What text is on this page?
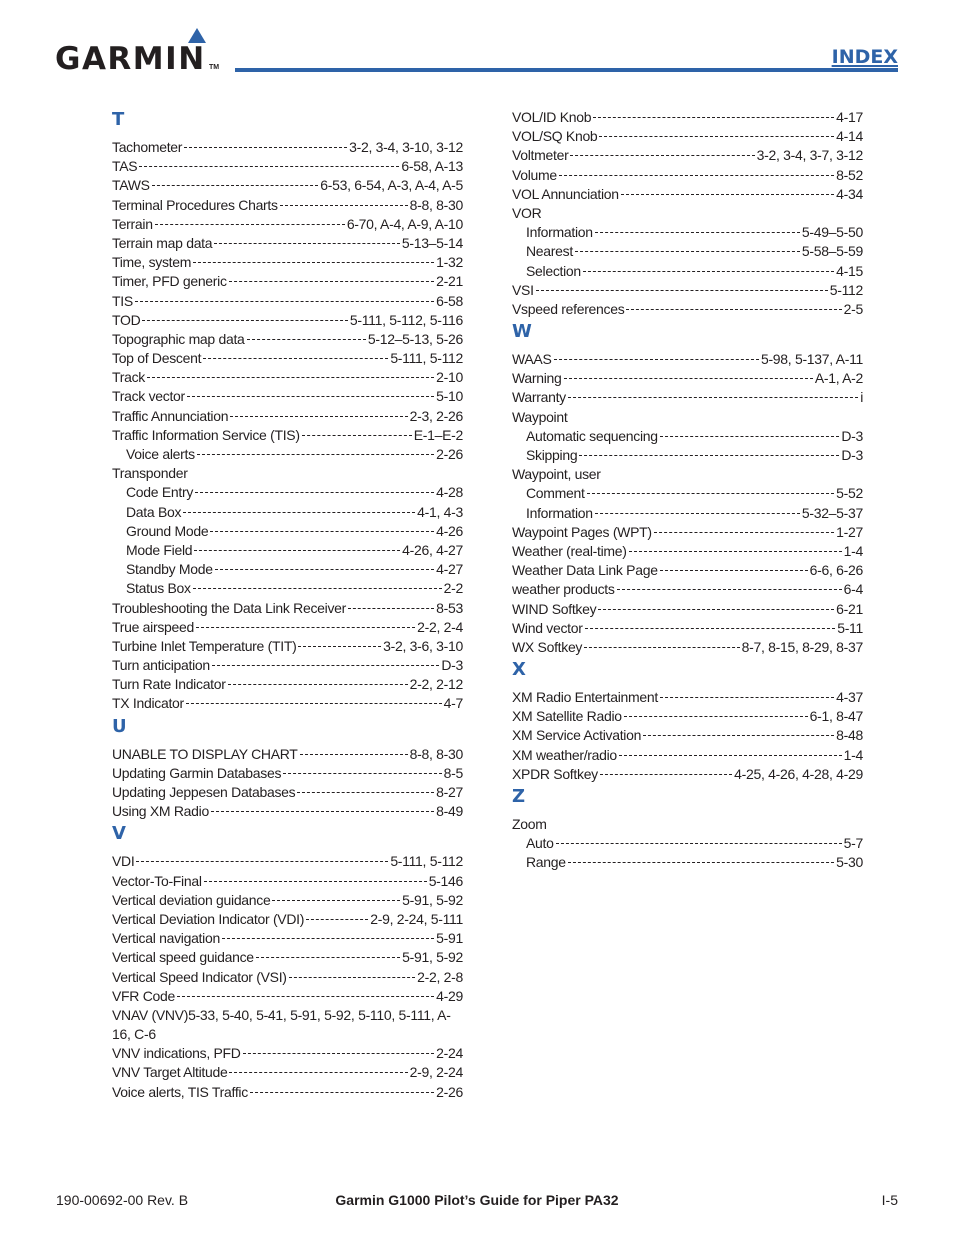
GARMIN TM	INDEX
T
Tachometer	3-2, 3-4, 3-10, 3-12
TAS	6-58, A-13
TAWS	6-53, 6-54, A-3, A-4, A-5
Terminal Procedures Charts	8-8, 8-30
Terrain	6-70, A-4, A-9, A-10
Terrain map data	5-13–5-14
Time, system	1-32
Timer, PFD generic	2-21
TIS	6-58
TOD	5-111, 5-112, 5-116
Topographic map data	5-12–5-13, 5-26
Top of Descent	5-111, 5-112
Track	2-10
Track vector	5-10
Traffic Annunciation	2-3, 2-26
Traffic Information Service (TIS)	E-1–E-2
Voice alerts	2-26
Transponder
Code Entry	4-28
Data Box	4-1, 4-3
Ground Mode	4-26
Mode Field	4-26, 4-27
Standby Mode	4-27
Status Box	2-2
Troubleshooting the Data Link Receiver	8-53
True airspeed	2-2, 2-4
Turbine Inlet Temperature (TIT)	3-2, 3-6, 3-10
Turn anticipation	D-3
Turn Rate Indicator	2-2, 2-12
TX Indicator	4-7
U
UNABLE TO DISPLAY CHART	8-8, 8-30
Updating Garmin Databases	8-5
Updating Jeppesen Databases	8-27
Using XM Radio	8-49
V
VDI	5-111, 5-112
Vector-To-Final	5-146
Vertical deviation guidance	5-91, 5-92
Vertical Deviation Indicator (VDI)	2-9, 2-24, 5-111
Vertical navigation	5-91
Vertical speed guidance	5-91, 5-92
Vertical Speed Indicator (VSI)	2-2, 2-8
VFR Code	4-29
VNAV (VNV)5-33, 5-40, 5-41, 5-91, 5-92, 5-110, 5-111, A-16, C-6
VNV indications, PFD	2-24
VNV Target Altitude	2-9, 2-24
Voice alerts, TIS Traffic	2-26
VOL/ID Knob	4-17
VOL/SQ Knob	4-14
Voltmeter	3-2, 3-4, 3-7, 3-12
Volume	8-52
VOL Annunciation	4-34
VOR
Information	5-49–5-50
Nearest	5-58–5-59
Selection	4-15
VSI	5-112
Vspeed references	2-5
W
WAAS	5-98, 5-137, A-11
Warning	A-1, A-2
Warranty	i
Waypoint
Automatic sequencing	D-3
Skipping	D-3
Waypoint, user
Comment	5-52
Information	5-32–5-37
Waypoint Pages (WPT)	1-27
Weather (real-time)	1-4
Weather Data Link Page	6-6, 6-26
weather products	6-4
WIND Softkey	6-21
Wind vector	5-11
WX Softkey	8-7, 8-15, 8-29, 8-37
X
XM Radio Entertainment	4-37
XM Satellite Radio	6-1, 8-47
XM Service Activation	8-48
XM weather/radio	1-4
XPDR Softkey	4-25, 4-26, 4-28, 4-29
Z
Zoom
Auto	5-7
Range	5-30
190-00692-00 Rev. B	Garmin G1000 Pilot’s Guide for Piper PA32	I-5
